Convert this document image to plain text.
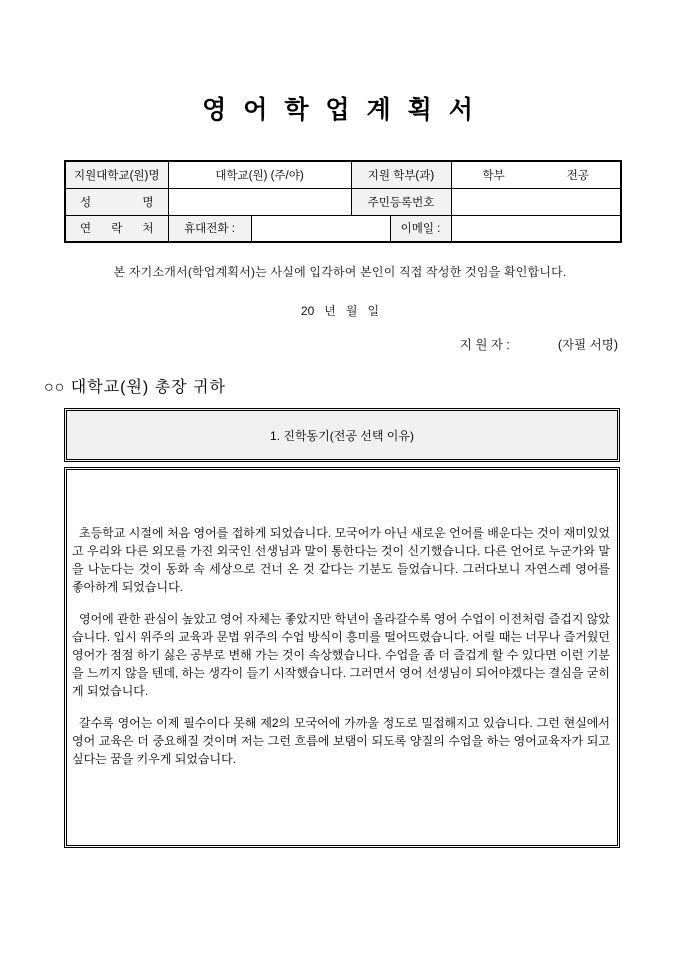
영 어 학 업 계 획 서
지원대학교(원)명	대학교(원) (주/야)		지원 학부(과)		학부 전공

성 명			주민등록번호		
연 락 처	휴대전화 :			이메일 :	
본 자기소개서(학업계획서)는 사실에 입각하여 본인이 직접 작성한 것임을 확인합니다.
20   년   월   일
지 원 자 :	(자필 서명)
○○ 대학교(원) 총장 귀하
1. 진학동기(전공 선택 이유)

초등학교 시절에 처음 영어를 접하게 되었습니다. 모국어가 아닌 새로운 언어를 배운다는 것이 재미있었고 우리와 다른 외모를 가진 외국인 선생님과 말이 통한다는 것이 신기했습니다. 다른 언어로 누군가와 말을 나눈다는 것이 동화 속 세상으로 건너 온 것 같다는 기분도 들었습니다. 그러다보니 자연스레 영어를 좋아하게 되었습니다.

영어에 관한 관심이 높았고 영어 자체는 좋았지만 학년이 올라갈수록 영어 수업이 이전처럼 즐겁지 않았습니다. 입시 위주의 교육과 문법 위주의 수업 방식이 흥미를 떨어뜨렸습니다. 어릴 때는 너무나 즐거웠던 영어가 점점 하기 싫은 공부로 변해 가는 것이 속상했습니다. 수업을 좀 더 즐겁게 할 수 있다면 이런 기분을 느끼지 않을 텐데, 하는 생각이 들기 시작했습니다. 그러면서 영어 선생님이 되어야겠다는 결심을 굳히게 되었습니다.

갈수록 영어는 이제 필수이다 못해 제2의 모국어에 가까울 정도로 밀접해지고 있습니다. 그런 현실에서 영어 교육은 더 중요해질 것이며 저는 그런 흐름에 보탬이 되도록 양질의 수업을 하는 영어교육자가 되고 싶다는 꿈을 키우게 되었습니다.
